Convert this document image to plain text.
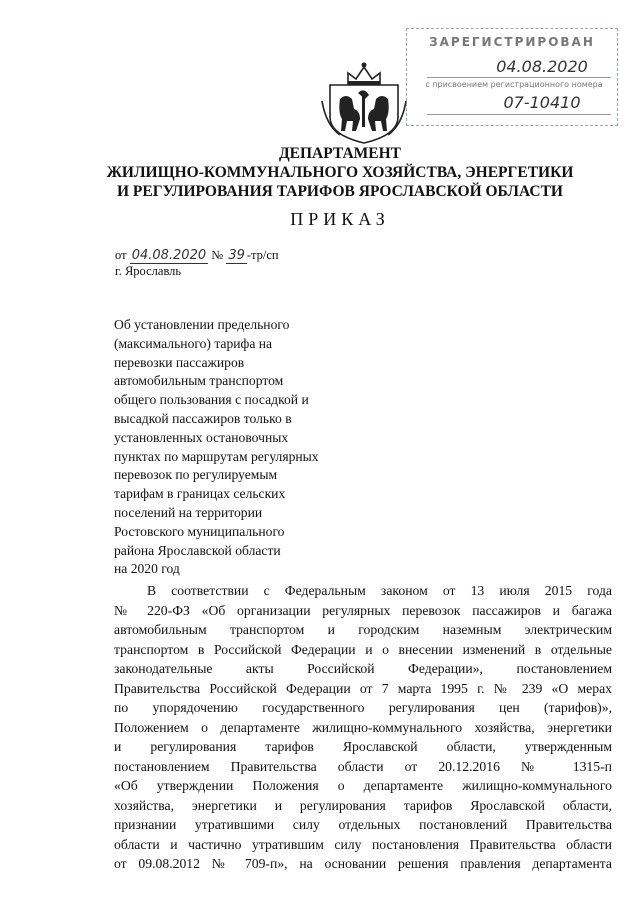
ЗАРЕГИСТРИРОВАН
04.08.2020
с присвоением регистрационного номера
07-10410
ДЕПАРТАМЕНТ
ЖИЛИЩНО-КОММУНАЛЬНОГО ХОЗЯЙСТВА, ЭНЕРГЕТИКИ
И РЕГУЛИРОВАНИЯ ТАРИФОВ ЯРОСЛАВСКОЙ ОБЛАСТИ
ПРИКАЗ
от 04.08.2020 № 39 -тр/сп
г. Ярославль
Об установлении предельного
(максимального) тарифа на
перевозки пассажиров
автомобильным транспортом
общего пользования с посадкой и
высадкой пассажиров только в
установленных остановочных
пунктах по маршрутам регулярных
перевозок по регулируемым
тарифам в границах сельских
поселений на территории
Ростовского муниципального
района Ярославской области
на 2020 год
В соответствии с Федеральным законом от 13 июля 2015 года
№ 220-ФЗ «Об организации регулярных перевозок пассажиров и багажа
автомобильным транспортом и городским наземным электрическим
транспортом в Российской Федерации и о внесении изменений в отдельные
законодательные акты Российской Федерации», постановлением
Правительства Российской Федерации от 7 марта 1995 г. № 239 «О мерах
по упорядочению государственного регулирования цен (тарифов)»,
Положением о департаменте жилищно-коммунального хозяйства, энергетики
и регулирования тарифов Ярославской области, утвержденным
постановлением Правительства области от 20.12.2016 № 1315-п
«Об утверждении Положения о департаменте жилищно-коммунального
хозяйства, энергетики и регулирования тарифов Ярославской области,
признании утратившими силу отдельных постановлений Правительства
области и частично утратившим силу постановления Правительства области
от 09.08.2012 № 709-п», на основании решения правления департамента
